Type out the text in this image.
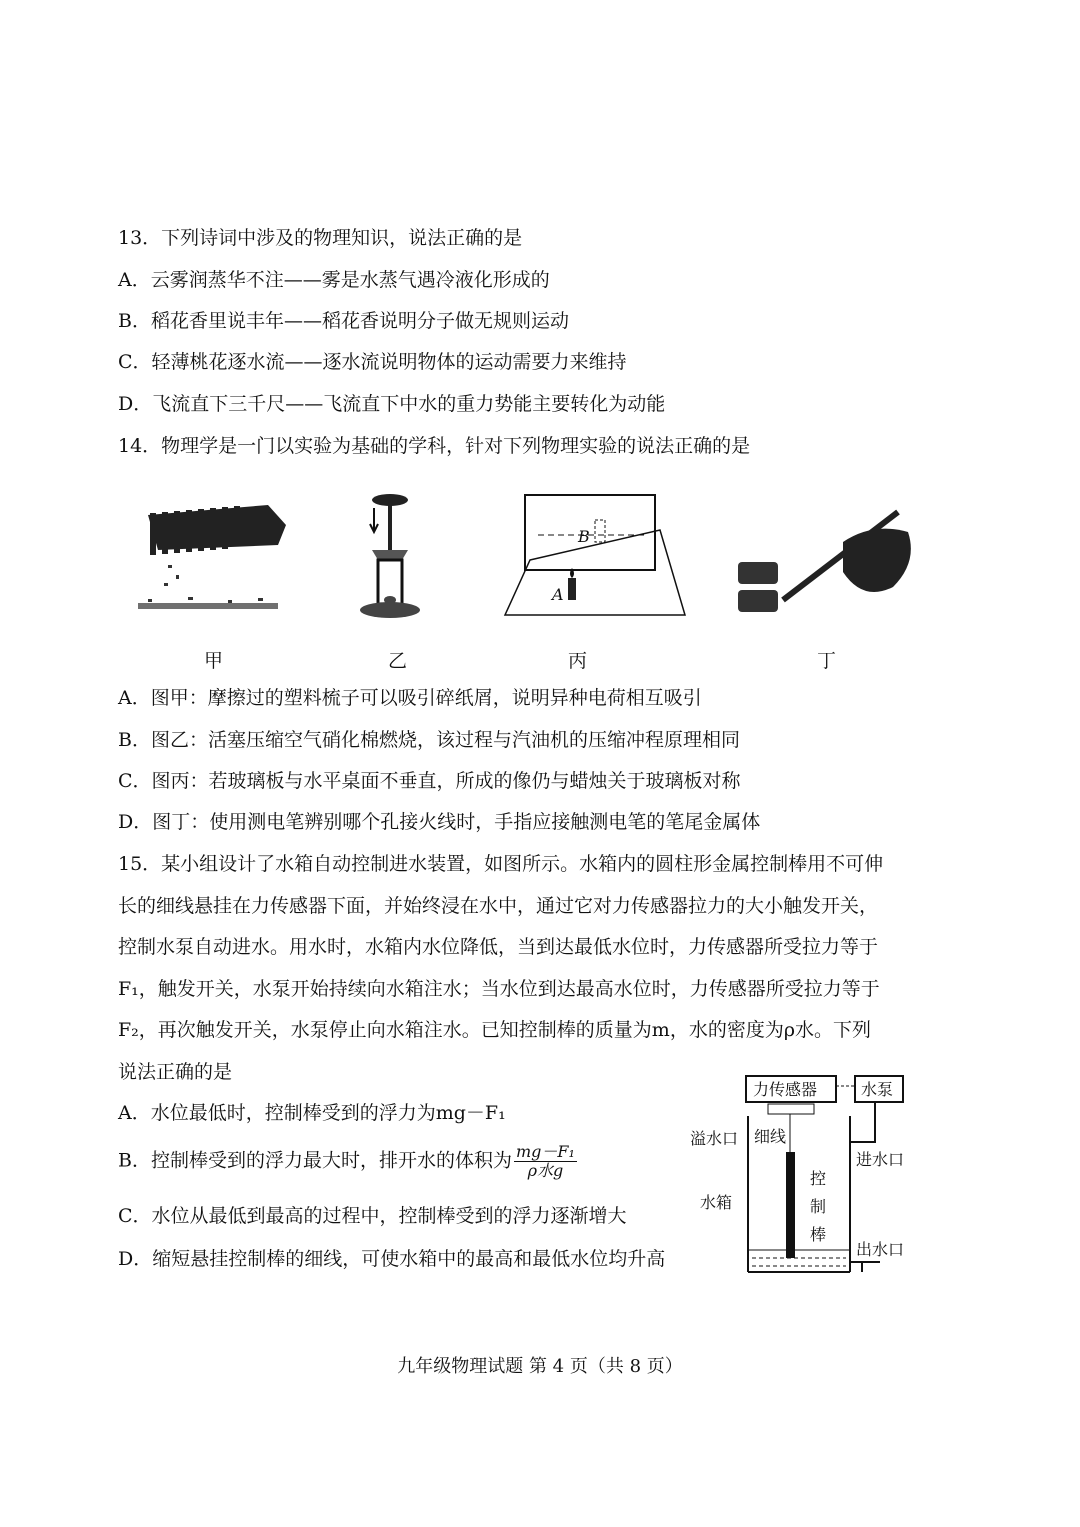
13．下列诗词中涉及的物理知识，说法正确的是
A．云雾润蒸华不注——雾是水蒸气遇冷液化形成的
B．稻花香里说丰年——稻花香说明分子做无规则运动
C．轻薄桃花逐水流——逐水流说明物体的运动需要力来维持
D．飞流直下三千尺——飞流直下中水的重力势能主要转化为动能
14．物理学是一门以实验为基础的学科，针对下列物理实验的说法正确的是
B
A
甲	乙	丙	丁
A．图甲：摩擦过的塑料梳子可以吸引碎纸屑，说明异种电荷相互吸引
B．图乙：活塞压缩空气硝化棉燃烧，该过程与汽油机的压缩冲程原理相同
C．图丙：若玻璃板与水平桌面不垂直，所成的像仍与蜡烛关于玻璃板对称
D．图丁：使用测电笔辨别哪个孔接火线时，手指应接触测电笔的笔尾金属体
15．某小组设计了水箱自动控制进水装置，如图所示。水箱内的圆柱形金属控制棒用不可伸
长的细线悬挂在力传感器下面，并始终浸在水中，通过它对力传感器拉力的大小触发开关，
控制水泵自动进水。用水时，水箱内水位降低，当到达最低水位时，力传感器所受拉力等于
F₁，触发开关，水泵开始持续向水箱注水；当水位到达最高水位时，力传感器所受拉力等于
F₂，再次触发开关，水泵停止向水箱注水。已知控制棒的质量为m，水的密度为ρ水。下列
说法正确的是
A．水位最低时，控制棒受到的浮力为mg－F₁
B．控制棒受到的浮力最大时，排开水的体积为 $\frac{\text{mg－F₁}}{\text{ρ水g}}$
C．水位从最低到最高的过程中，控制棒受到的浮力逐渐增大
D．缩短悬挂控制棒的细线，可使水箱中的最高和最低水位均升高
力传感器	水泵
溢水口 细线
水箱
进水口
出水口
控制棒
九年级物理试题 第 4 页（共 8 页）
